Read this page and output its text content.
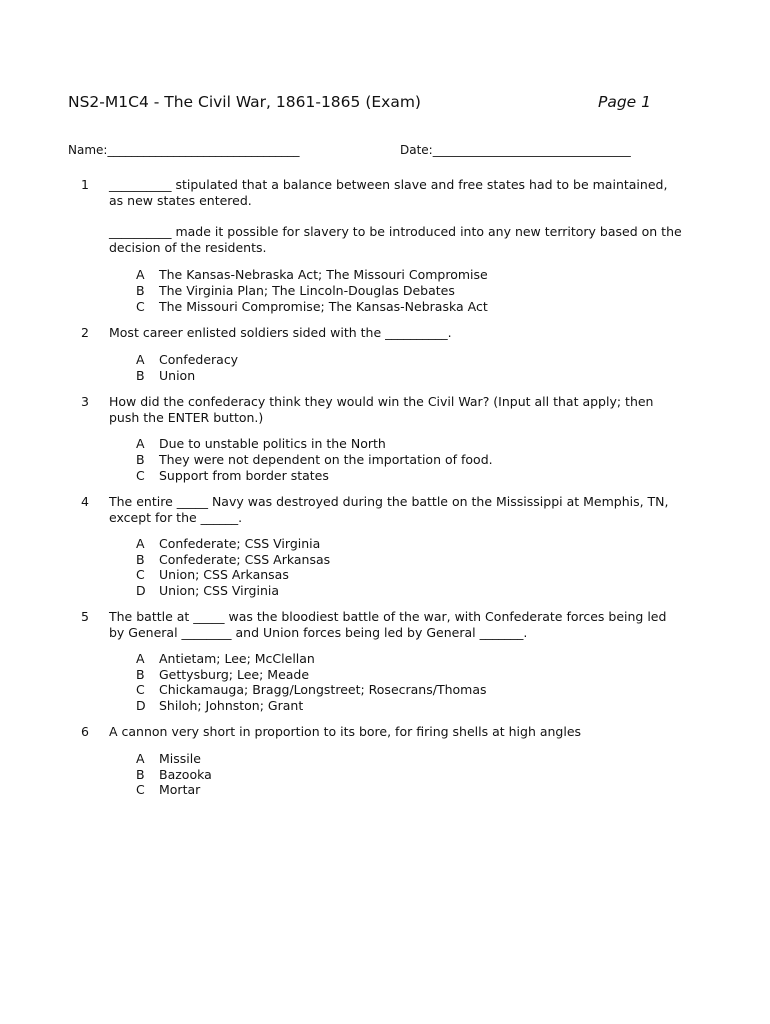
NS2-M1C4 - The Civil War, 1861-1865 (Exam)	Page 1
Name:________________________________	Date:_________________________________
1 __________ stipulated that a balance between slave and free states had to be maintained, as new states entered.
__________ made it possible for slavery to be introduced into any new territory based on the decision of the residents.
A The Kansas-Nebraska Act; The Missouri Compromise
B The Virginia Plan; The Lincoln-Douglas Debates
C The Missouri Compromise; The Kansas-Nebraska Act
2 Most career enlisted soldiers sided with the __________.
A Confederacy
B Union
3 How did the confederacy think they would win the Civil War? (Input all that apply; then push the ENTER button.)
A Due to unstable politics in the North
B They were not dependent on the importation of food.
C Support from border states
4 The entire _____ Navy was destroyed during the battle on the Mississippi at Memphis, TN, except for the ______.
A Confederate; CSS Virginia
B Confederate; CSS Arkansas
C Union; CSS Arkansas
D Union; CSS Virginia
5 The battle at _____ was the bloodiest battle of the war, with Confederate forces being led by General ________ and Union forces being led by General _______.
A Antietam; Lee; McClellan
B Gettysburg; Lee; Meade
C Chickamauga; Bragg/Longstreet; Rosecrans/Thomas
D Shiloh; Johnston; Grant
6 A cannon very short in proportion to its bore, for firing shells at high angles
A Missile
B Bazooka
C Mortar
